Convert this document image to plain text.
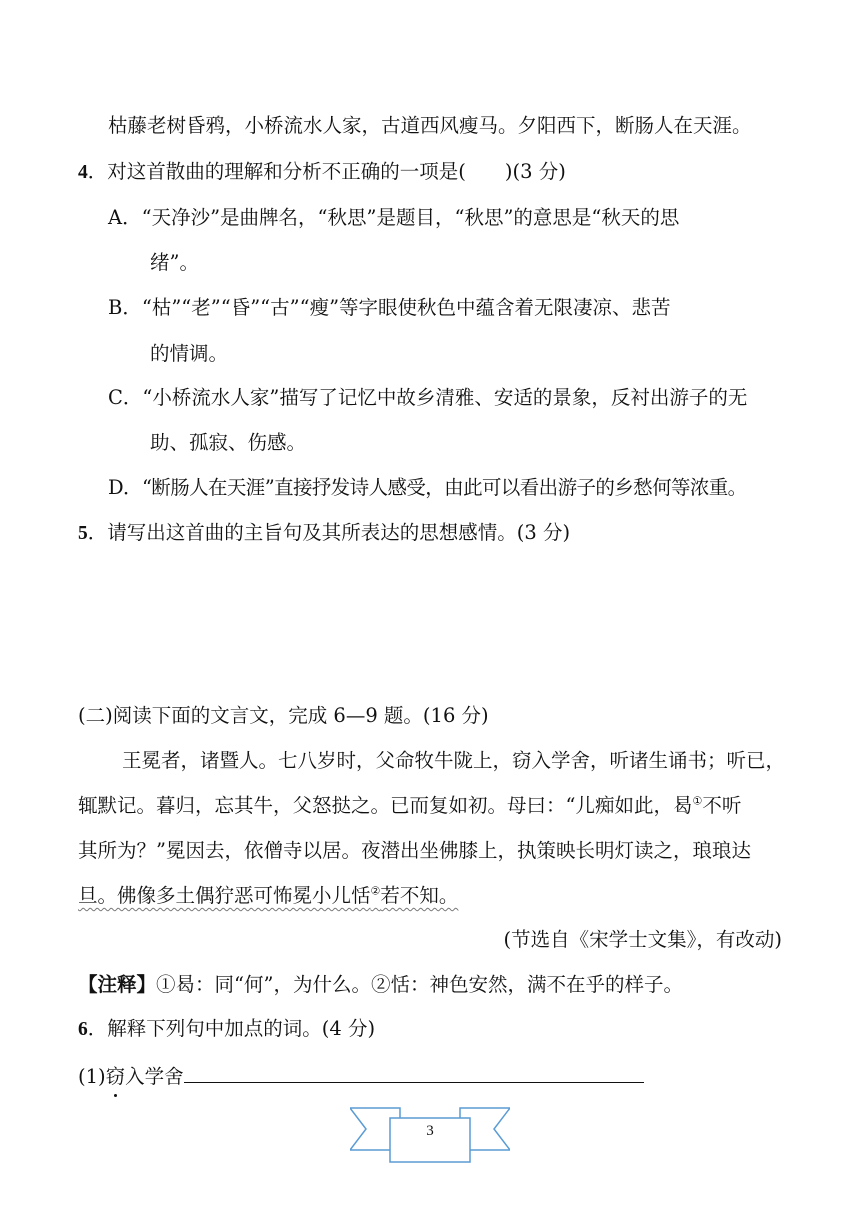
枯藤老树昏鸦，小桥流水人家，古道西风瘦马。夕阳西下，断肠人在天涯。
4．对这首散曲的理解和分析不正确的一项是(　　)(3 分)
A．“天净沙”是曲牌名，“秋思”是题目，“秋思”的意思是“秋天的思
绪”。
B．“枯”“老”“昏”“古”“瘦”等字眼使秋色中蕴含着无限凄凉、悲苦
的情调。
C．“小桥流水人家”描写了记忆中故乡清雅、安适的景象，反衬出游子的无
助、孤寂、伤感。
D．“断肠人在天涯”直接抒发诗人感受，由此可以看出游子的乡愁何等浓重。
5．请写出这首曲的主旨句及其所表达的思想感情。(3 分)
(二)阅读下面的文言文，完成 6—9 题。(16 分)
王冕者，诸暨人。七八岁时，父命牧牛陇上，窃入学舍，听诸生诵书；听已，
辄默记。暮归，忘其牛，父怒挞之。已而复如初。母曰：“儿痴如此，曷①不听
其所为？”冕因去，依僧寺以居。夜潜出坐佛膝上，执策映长明灯读之，琅琅达
旦。佛像多土偶狞恶可怖冕小儿恬②若不知。
(节选自《宋学士文集》，有改动)
【注释】①曷：同“何”，为什么。②恬：神色安然，满不在乎的样子。
6．解释下列句中加点的词。(4 分)
(1)窃入学舍
3
